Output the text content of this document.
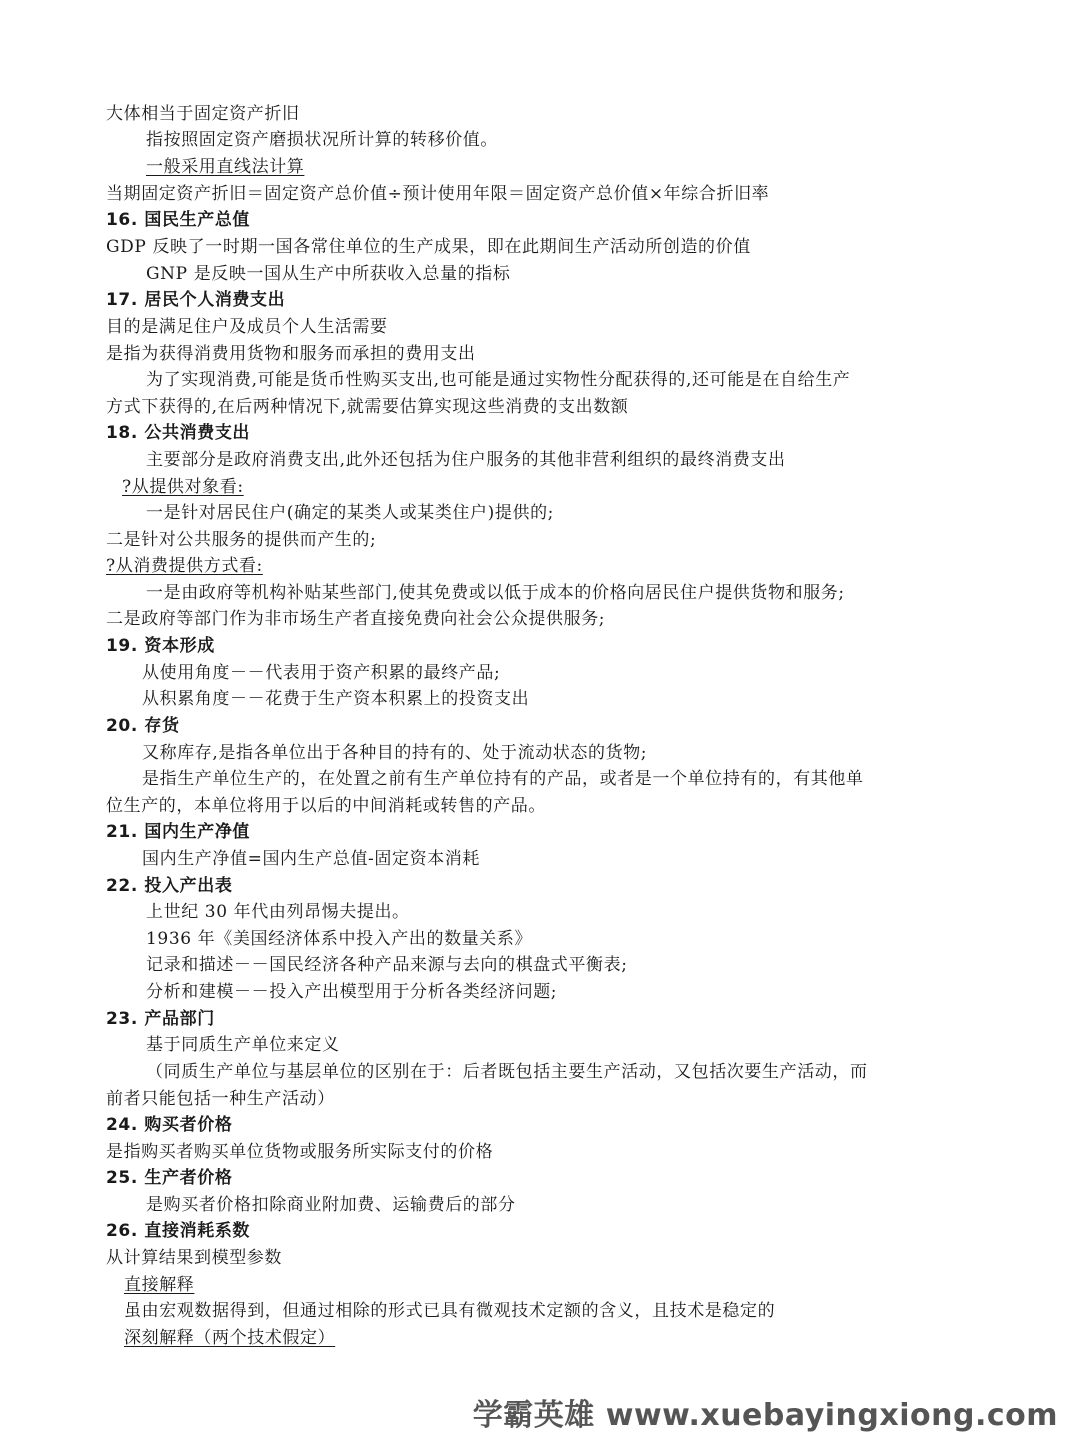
大体相当于固定资产折旧
指按照固定资产磨损状况所计算的转移价值。
一般采用直线法计算
当期固定资产折旧＝固定资产总价值÷预计使用年限＝固定资产总价值×年综合折旧率
16. 国民生产总值
GDP 反映了一时期一国各常住单位的生产成果，即在此期间生产活动所创造的价值
GNP 是反映一国从生产中所获收入总量的指标
17. 居民个人消费支出
目的是满足住户及成员个人生活需要
是指为获得消费用货物和服务而承担的费用支出
为了实现消费,可能是货币性购买支出,也可能是通过实物性分配获得的,还可能是在自给生产
方式下获得的,在后两种情况下,就需要估算实现这些消费的支出数额
18. 公共消费支出
主要部分是政府消费支出,此外还包括为住户服务的其他非营利组织的最终消费支出
?从提供对象看:
一是针对居民住户(确定的某类人或某类住户)提供的;
二是针对公共服务的提供而产生的;
?从消费提供方式看:
一是由政府等机构补贴某些部门,使其免费或以低于成本的价格向居民住户提供货物和服务;
二是政府等部门作为非市场生产者直接免费向社会公众提供服务;
19. 资本形成
从使用角度－－代表用于资产积累的最终产品;
从积累角度－－花费于生产资本积累上的投资支出
20. 存货
又称库存,是指各单位出于各种目的持有的、处于流动状态的货物;
是指生产单位生产的，在处置之前有生产单位持有的产品，或者是一个单位持有的，有其他单
位生产的，本单位将用于以后的中间消耗或转售的产品。
21. 国内生产净值
国内生产净值=国内生产总值-固定资本消耗
22. 投入产出表
上世纪 30 年代由列昂惕夫提出。
1936 年《美国经济体系中投入产出的数量关系》
记录和描述－－国民经济各种产品来源与去向的棋盘式平衡表;
分析和建模－－投入产出模型用于分析各类经济问题;
23. 产品部门
基于同质生产单位来定义
（同质生产单位与基层单位的区别在于：后者既包括主要生产活动，又包括次要生产活动，而
前者只能包括一种生产活动）
24. 购买者价格
是指购买者购买单位货物或服务所实际支付的价格
25. 生产者价格
是购买者价格扣除商业附加费、运输费后的部分
26. 直接消耗系数
从计算结果到模型参数
直接解释
虽由宏观数据得到，但通过相除的形式已具有微观技术定额的含义，且技术是稳定的
深刻解释（两个技术假定）
学霸英雄 www.xuebayingxiong.com
